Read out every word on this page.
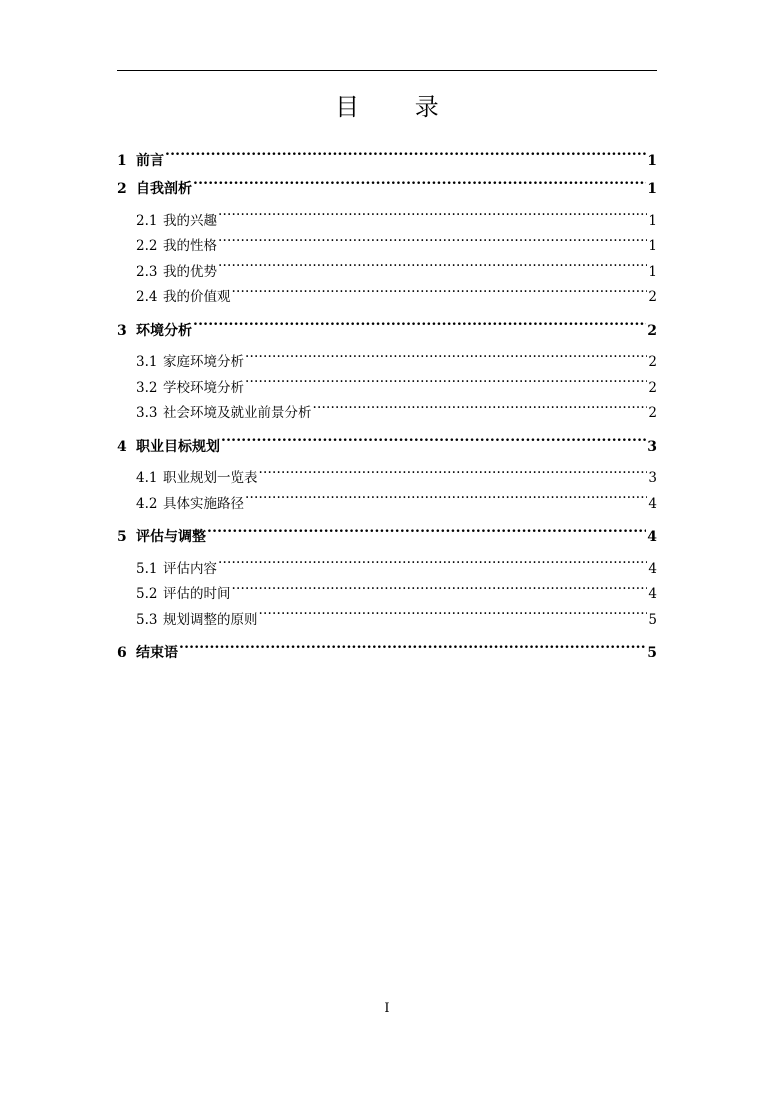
目 录
1 前言 .....	1
2 自我剖析 .....	1
2.1 我的兴趣 .....	1
2.2 我的性格 .....	1
2.3 我的优势 .....	1
2.4 我的价值观 .....	2
3 环境分析 .....	2
3.1 家庭环境分析 .....	2
3.2 学校环境分析 .....	2
3.3 社会环境及就业前景分析 .....	2
4 职业目标规划 .....	3
4.1 职业规划一览表 .....	3
4.2 具体实施路径 .....	4
5 评估与调整 .....	4
5.1 评估内容 .....	4
5.2 评估的时间 .....	4
5.3 规划调整的原则 .....	5
6 结束语 .....	5
I
